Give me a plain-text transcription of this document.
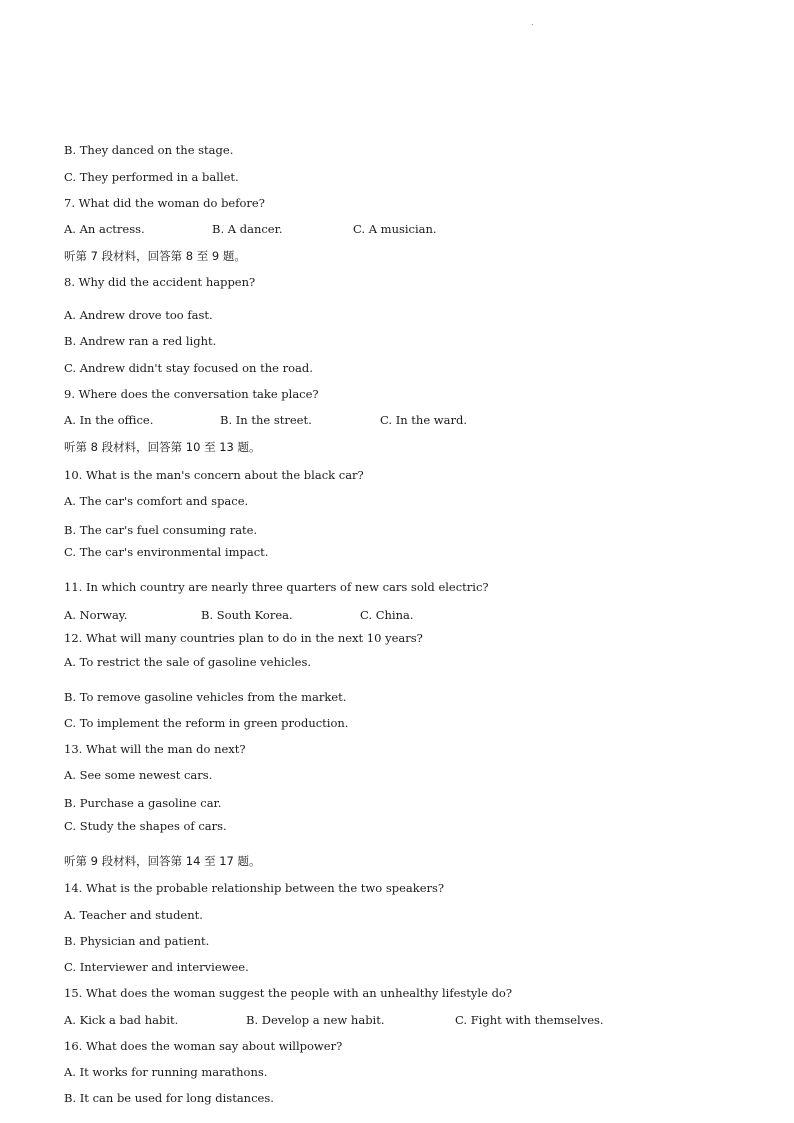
.
B. They danced on the stage.
C. They performed in a ballet.
7. What did the woman do before?
A. An actress.	B. A dancer.	C. A musician.
听第 7 段材料，回答第 8 至 9 题。
8. Why did the accident happen?
A. Andrew drove too fast.
B. Andrew ran a red light.
C. Andrew didn't stay focused on the road.
9. Where does the conversation take place?
A. In the office.	B. In the street.	C. In the ward.
听第 8 段材料，回答第 10 至 13 题。
10. What is the man's concern about the black car?
A. The car's comfort and space.
B. The car's fuel consuming rate.
C. The car's environmental impact.
11. In which country are nearly three quarters of new cars sold electric?
A. Norway.	B. South Korea.	C. China.
12. What will many countries plan to do in the next 10 years?
A. To restrict the sale of gasoline vehicles.
B. To remove gasoline vehicles from the market.
C. To implement the reform in green production.
13. What will the man do next?
A. See some newest cars.
B. Purchase a gasoline car.
C. Study the shapes of cars.
听第 9 段材料，回答第 14 至 17 题。
14. What is the probable relationship between the two speakers?
A. Teacher and student.
B. Physician and patient.
C. Interviewer and interviewee.
15. What does the woman suggest the people with an unhealthy lifestyle do?
A. Kick a bad habit.	B. Develop a new habit.	C. Fight with themselves.
16. What does the woman say about willpower?
A. It works for running marathons.
B. It can be used for long distances.
